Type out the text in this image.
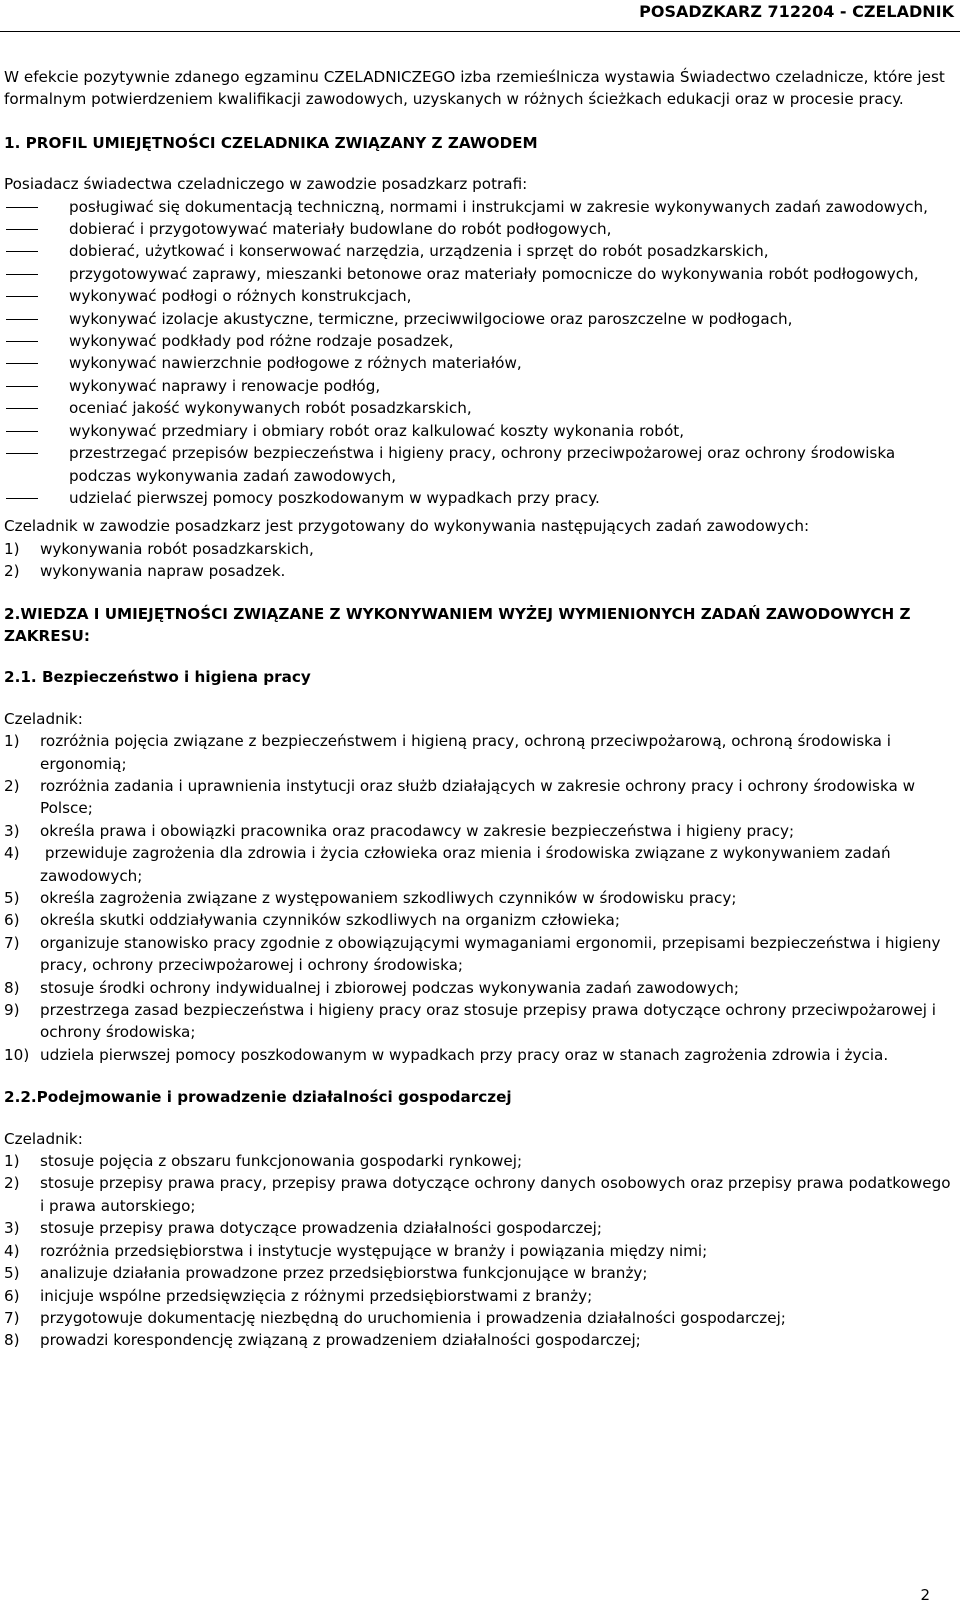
POSADZKARZ 712204 - CZELADNIK

W efekcie pozytywnie zdanego egzaminu CZELADNICZEGO izba rzemieślnicza wystawia Świadectwo czeladnicze, które jest formalnym potwierdzeniem kwalifikacji zawodowych, uzyskanych w różnych ścieżkach edukacji oraz w procesie pracy.

1. PROFIL UMIEJĘTNOŚCI CZELADNIKA ZWIĄZANY Z ZAWODEM

Posiadacz świadectwa czeladniczego w zawodzie posadzkarz potrafi:

posługiwać się dokumentacją techniczną, normami i instrukcjami w zakresie wykonywanych zadań zawodowych,
dobierać i przygotowywać materiały budowlane do robót podłogowych,
dobierać, użytkować i konserwować narzędzia, urządzenia i sprzęt do robót posadzkarskich,
przygotowywać zaprawy, mieszanki betonowe oraz materiały pomocnicze do wykonywania robót podłogowych,
wykonywać podłogi o różnych konstrukcjach,
wykonywać izolacje akustyczne, termiczne, przeciwwilgociowe oraz paroszczelne w podłogach,
wykonywać podkłady pod różne rodzaje posadzek,
wykonywać nawierzchnie podłogowe z różnych materiałów,
wykonywać naprawy i renowacje podłóg,
oceniać jakość wykonywanych robót posadzkarskich,
wykonywać przedmiary i obmiary robót oraz kalkulować koszty wykonania robót,
przestrzegać przepisów bezpieczeństwa i higieny pracy, ochrony przeciwpożarowej oraz ochrony środowiska podczas wykonywania zadań zawodowych,
udzielać pierwszej pomocy poszkodowanym w wypadkach przy pracy.

Czeladnik w zawodzie posadzkarz jest przygotowany do wykonywania następujących zadań zawodowych:

1) wykonywania robót posadzkarskich,
2) wykonywania napraw posadzek.

2.WIEDZA I UMIEJĘTNOŚCI ZWIĄZANE Z WYKONYWANIEM WYŻEJ WYMIENIONYCH ZADAŃ ZAWODOWYCH Z ZAKRESU:

2.1. Bezpieczeństwo i higiena pracy

Czeladnik:

1) rozróżnia pojęcia związane z bezpieczeństwem i higieną pracy, ochroną przeciwpożarową, ochroną środowiska i ergonomią;
2) rozróżnia zadania i uprawnienia instytucji oraz służb działających w zakresie ochrony pracy i ochrony środowiska w Polsce;
3) określa prawa i obowiązki pracownika oraz pracodawcy w zakresie bezpieczeństwa i higieny pracy;
4) przewiduje zagrożenia dla zdrowia i życia człowieka oraz mienia i środowiska związane z wykonywaniem zadań zawodowych;
5) określa zagrożenia związane z występowaniem szkodliwych czynników w środowisku pracy;
6) określa skutki oddziaływania czynników szkodliwych na organizm człowieka;
7) organizuje stanowisko pracy zgodnie z obowiązującymi wymaganiami ergonomii, przepisami bezpieczeństwa i higieny pracy, ochrony przeciwpożarowej i ochrony środowiska;
8) stosuje środki ochrony indywidualnej i zbiorowej podczas wykonywania zadań zawodowych;
9) przestrzega zasad bezpieczeństwa i higieny pracy oraz stosuje przepisy prawa dotyczące ochrony przeciwpożarowej i ochrony środowiska;
10) udziela pierwszej pomocy poszkodowanym w wypadkach przy pracy oraz w stanach zagrożenia zdrowia i życia.

2.2.Podejmowanie i prowadzenie działalności gospodarczej

Czeladnik:

1) stosuje pojęcia z obszaru funkcjonowania gospodarki rynkowej;
2) stosuje przepisy prawa pracy, przepisy prawa dotyczące ochrony danych osobowych oraz przepisy prawa podatkowego i prawa autorskiego;
3) stosuje przepisy prawa dotyczące prowadzenia działalności gospodarczej;
4) rozróżnia przedsiębiorstwa i instytucje występujące w branży i powiązania między nimi;
5) analizuje działania prowadzone przez przedsiębiorstwa funkcjonujące w branży;
6) inicjuje wspólne przedsięwzięcia z różnymi przedsiębiorstwami z branży;
7) przygotowuje dokumentację niezbędną do uruchomienia i prowadzenia działalności gospodarczej;
8) prowadzi korespondencję związaną z prowadzeniem działalności gospodarczej;
2
